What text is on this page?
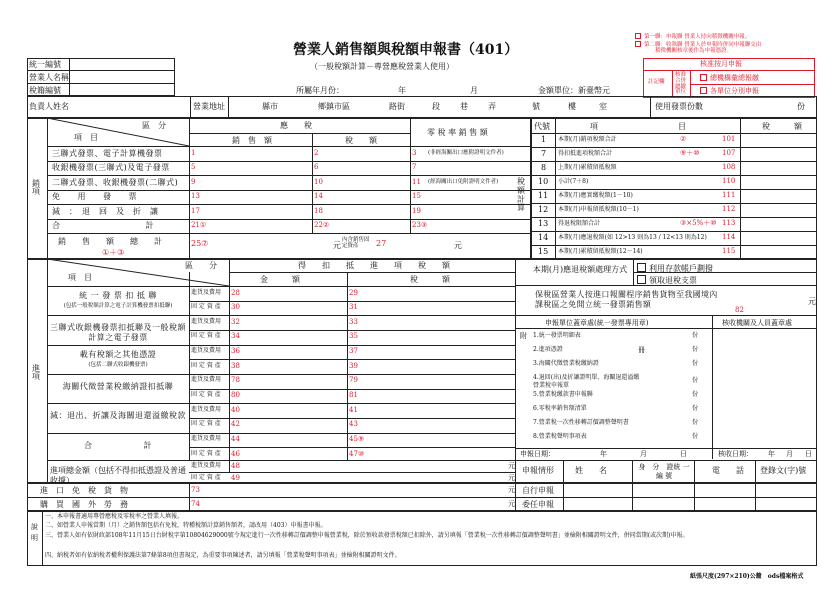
營業人銷售額與稅額申報書（401）
（一般稅額計算－專營應稅營業人使用）
第一聯：申報聯 營業人持向稽徵機關申報。
第二聯：收執聯 營業人於申報時併同申報聯交由
稽徵機關核章後作為申報憑證。
核准按月申報
註記欄
核准合併總繳單位
總機構彙總報繳
各單位分別申報
統一編號
營業人名稱
稅籍編號	所屬年月份：	年	月	金額單位：新臺幣元
負責人姓名	營業地址	縣市	鄉鎮市區	路街	段	巷	弄	號	樓	室	使用發票份數	份
銷項
區　分
項　目
應　　稅
銷　售　額	稅　　額
零 稅 率 銷 售 額
三聯式發票、電子計算機發票	1	2	3 (非經海關出口應附證明文件者)
收銀機發票(三聯式)及電子發票	5	6	7
二聯式發票、收銀機發票(二聯式) 9	10	11 (經海關出口免附證明文件者)
免　　用　　發　　票	13	14	15
減　：　退　回　及　折　讓	17	18	19
合　　　　　　　　　　計	21①	22②	23③
銷　　售　　額　　總　　計
①＋③
25⑦	元
內含銷售固定資產	27	元
稅額計算
代號	項　　　　　　　　　　目	稅　　　額
1 本期(月)銷項稅額合計	②	101
7 得扣抵進項稅額合計	⑨＋⑩	107
8 上期(月)累積留抵稅額	108
10 小計(7＋8)	110
11 本期(月)應實繳稅額(1－10)	111
12 本期(月)申報留抵稅額(10－1)	112
13 得退稅限額合計	③×5%＋⑩ 113
14 本期(月)應退稅額(如 12>13 則為13 / 12<13 則為12) 114
15 本期(月)累積留抵稅額(12－14)	115
進項
區　　分
項　目
得　　扣　　抵　　進　　項　　稅　　額
金　　　額	稅　　　額
統 一 發 票 扣 抵 聯
(包括一般稅額計算之電子計算機發票扣抵聯)
進貨及費用 28	29
固 定 資 產 30	31
三聯式收銀機發票扣抵聯及一般稅額計算之電子發票
進貨及費用 32	33
固 定 資 產 34	35
載有稅額之其他憑證
(包括二聯式收銀機發票)
進貨及費用 36	37
固 定 資 產 38	39
海關代徵營業稅繳納證扣抵聯
進貨及費用 78	79
固 定 資 產 80	81
減：退出、折讓及海關退還溢繳稅款
進貨及費用 40	41
固 定 資 產 42	43
合　　　　　　計
進貨及費用 44	45⑨
固 定 資 產 46	47⑩
進項總金額（包括不得扣抵憑證及普通收據）
進貨及費用 48	元
固 定 資 產 49	元
進　口　免　稅　貨　物	73	元
購　買　國　外　勞　務	74	元
本期(月)應退稅額處理方式	利用存款帳戶劃撥
領取退稅支票
保稅區營業人按進口報關程序銷售貨物至我國境內課稅區之免開立統一發票銷售額
82
元
申報單位蓋章處(統一發票專用章)	核收機關及人員蓋章處
附 1.統一發票明細表	份
2.進項憑證	份
3.海關代徵營業稅繳納證	份
4.退回(出)及折讓證明單、海關退還溢繳營業稅申報單
份
5.營業稅繳款書申報聯	份
6.零稅率銷售額清單	份
7.營業稅一次性移轉訂價調整聲明書	份
8.營業稅聲明事項表	份
冊
申報日期：	年	月	日	核收日期： 年 月 日
申報情形	姓　　名	身　分　證統 一 編 號
電　　話 登錄文(字)號
自行申報
委任申報
說明
一、本申報書適用專營應稅及零稅率之營業人填報。
二、如營業人申報當期（月）之銷售額包括有免稅，特種稅額計算銷售額者，請改用（403）申報書申報。
三、營業人如有依財政部108年11月15日台財稅字第10804629000號令規定進行一次性移轉訂價調整申報營業稅，除於預收款發票稅額已扣除外，請另填報「營業稅一次性移轉訂價調整聲明書」並檢附相關證明文件，併同當期(或次期)申報。
四、納稅者如有依納稅者權利保護法第7條第8項但書規定，為重要事項陳述者，請另填報「營業稅聲明事項表」並檢附相關證明文件。
紙張尺度(297×210)公釐　ods檔案格式
